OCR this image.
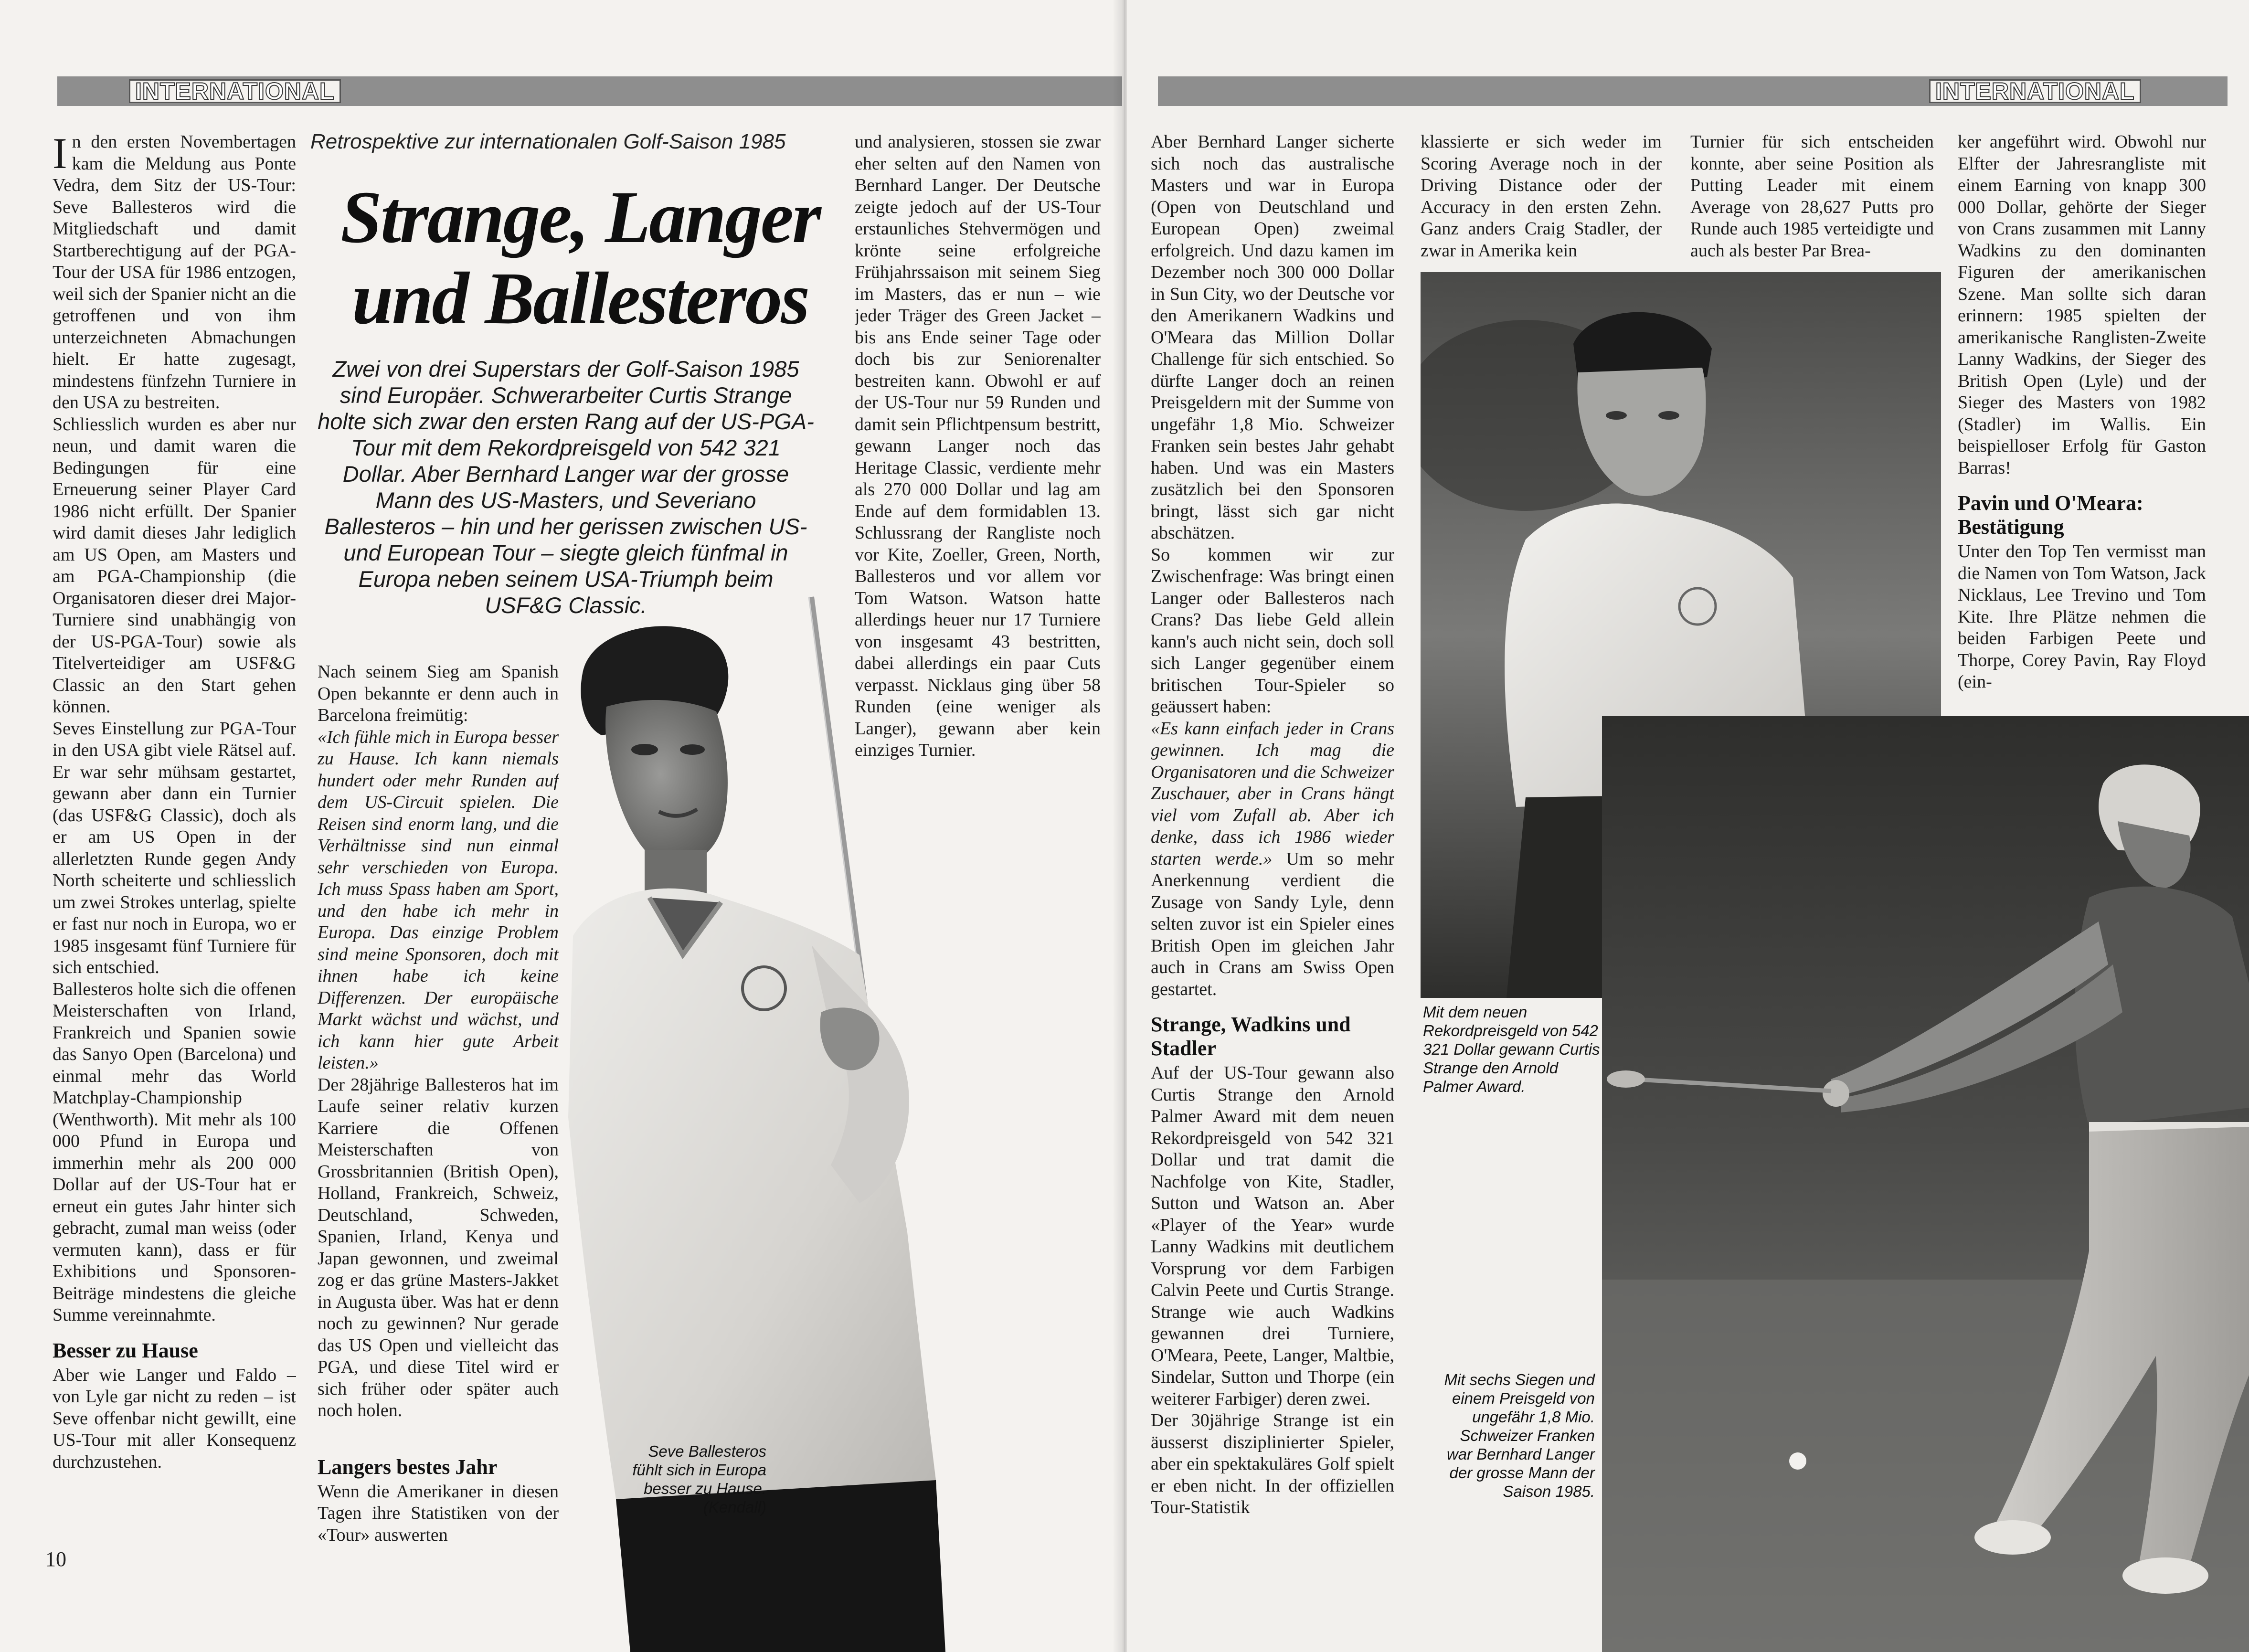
INTERNATIONAL
Retrospektive zur internationalen Golf-Saison 1985
Strange, Langer
und Ballesteros
Zwei von drei Superstars der Golf-Saison 1985 sind Europäer. Schwerarbeiter Curtis Strange holte sich zwar den ersten Rang auf der US-PGA-Tour mit dem Rekordpreisgeld von 542 321 Dollar. Aber Bernhard Langer war der grosse Mann des US-Masters, und Severiano Ballesteros – hin und her gerissen zwischen US- und European Tour – siegte gleich fünfmal in Europa neben seinem USA-Triumph beim USF&G Classic.

In den ersten Novembertagen kam die Meldung aus Ponte Vedra, dem Sitz der US-Tour: Seve Ballesteros wird die Mitgliedschaft und damit Startberechtigung auf der PGA-Tour der USA für 1986 entzogen, weil sich der Spanier nicht an die getroffenen und von ihm unterzeichneten Abmachungen hielt. Er hatte zugesagt, mindestens fünfzehn Turniere in den USA zu bestreiten.

Schliesslich wurden es aber nur neun, und damit waren die Bedingungen für eine Erneuerung seiner Player Card 1986 nicht erfüllt. Der Spanier wird damit dieses Jahr lediglich am US Open, am Masters und am PGA-Championship (die Organisatoren dieser drei Major-Turniere sind unabhängig von der US-PGA-Tour) sowie als Titelverteidiger am USF&G Classic an den Start gehen können.

Seves Einstellung zur PGA-Tour in den USA gibt viele Rätsel auf. Er war sehr mühsam gestartet, gewann aber dann ein Turnier (das USF&G Classic), doch als er am US Open in der allerletzten Runde gegen Andy North scheiterte und schliesslich um zwei Strokes unterlag, spielte er fast nur noch in Europa, wo er 1985 insgesamt fünf Turniere für sich entschied.

Ballesteros holte sich die offenen Meisterschaften von Irland, Frankreich und Spanien sowie das Sanyo Open (Barcelona) und einmal mehr das World Matchplay-Championship (Wenthworth). Mit mehr als 100 000 Pfund in Europa und immerhin mehr als 200 000 Dollar auf der US-Tour hat er erneut ein gutes Jahr hinter sich gebracht, zumal man weiss (oder vermuten kann), dass er für Exhibitions und Sponsoren-Beiträge mindestens die gleiche Summe vereinnahmte.

Besser zu Hause

Aber wie Langer und Faldo – von Lyle gar nicht zu reden – ist Seve offenbar nicht gewillt, eine US-Tour mit aller Konsequenz durchzustehen.

Nach seinem Sieg am Spanish Open bekannte er denn auch in Barcelona freimütig:

«Ich fühle mich in Europa besser zu Hause. Ich kann niemals hundert oder mehr Runden auf dem US-Circuit spielen. Die Reisen sind enorm lang, und die Verhältnisse sind nun einmal sehr verschieden von Europa. Ich muss Spass haben am Sport, und den habe ich mehr in Europa. Das einzige Problem sind meine Sponsoren, doch mit ihnen habe ich keine Differenzen. Der europäische Markt wächst und wächst, und ich kann hier gute Arbeit leisten.»

Der 28jährige Ballesteros hat im Laufe seiner relativ kurzen Karriere die Offenen Meisterschaften von Grossbritannien (British Open), Holland, Frankreich, Schweiz, Deutschland, Schweden, Spanien, Irland, Kenya und Japan gewonnen, und zweimal zog er das grüne Masters-Jakket in Augusta über. Was hat er denn noch zu gewinnen? Nur gerade das US Open und vielleicht das PGA, und diese Titel wird er sich früher oder später auch noch holen.

Langers bestes Jahr

Wenn die Amerikaner in diesen Tagen ihre Statistiken von der «Tour» auswerten

und analysieren, stossen sie zwar eher selten auf den Namen von Bernhard Langer. Der Deutsche zeigte jedoch auf der US-Tour erstaunliches Stehvermögen und krönte seine erfolgreiche Frühjahrssaison mit seinem Sieg im Masters, das er nun – wie jeder Träger des Green Jacket – bis ans Ende seiner Tage oder doch bis zur Seniorenalter bestreiten kann. Obwohl er auf der US-Tour nur 59 Runden und damit sein Pflichtpensum bestritt, gewann Langer noch das Heritage Classic, verdiente mehr als 270 000 Dollar und lag am Ende auf dem formidablen 13. Schlussrang der Rangliste noch vor Kite, Zoeller, Green, North, Ballesteros und vor allem vor Tom Watson. Watson hatte allerdings heuer nur 17 Turniere von insgesamt 43 bestritten, dabei allerdings ein paar Cuts verpasst. Nicklaus ging über 58 Runden (eine weniger als Langer), gewann aber kein einziges Turnier.

Seve Ballesteros fühlt sich in Europa besser zu Hause. (Kendall)
10
INTERNATIONAL

Aber Bernhard Langer sicherte sich noch das australische Masters und war in Europa (Open von Deutschland und European Open) zweimal erfolgreich. Und dazu kamen im Dezember noch 300 000 Dollar in Sun City, wo der Deutsche vor den Amerikanern Wadkins und O'Meara das Million Dollar Challenge für sich entschied. So dürfte Langer doch an reinen Preisgeldern mit der Summe von ungefähr 1,8 Mio. Schweizer Franken sein bestes Jahr gehabt haben. Und was ein Masters zusätzlich bei den Sponsoren bringt, lässt sich gar nicht abschätzen.

So kommen wir zur Zwischenfrage: Was bringt einen Langer oder Ballesteros nach Crans? Das liebe Geld allein kann's auch nicht sein, doch soll sich Langer gegenüber einem britischen Tour-Spieler so geäussert haben:

«Es kann einfach jeder in Crans gewinnen. Ich mag die Organisatoren und die Schweizer Zuschauer, aber in Crans hängt viel vom Zufall ab. Aber ich denke, dass ich 1986 wieder starten werde.» Um so mehr Anerkennung verdient die Zusage von Sandy Lyle, denn selten zuvor ist ein Spieler eines British Open im gleichen Jahr auch in Crans am Swiss Open gestartet.

Strange, Wadkins und Stadler

Auf der US-Tour gewann also Curtis Strange den Arnold Palmer Award mit dem neuen Rekordpreisgeld von 542 321 Dollar und trat damit die Nachfolge von Kite, Stadler, Sutton und Watson an. Aber «Player of the Year» wurde Lanny Wadkins mit deutlichem Vorsprung vor dem Farbigen Calvin Peete und Curtis Strange. Strange wie auch Wadkins gewannen drei Turniere, O'Meara, Peete, Langer, Maltbie, Sindelar, Sutton und Thorpe (ein weiterer Farbiger) deren zwei.

Der 30jährige Strange ist ein äusserst disziplinierter Spieler, aber ein spektakuläres Golf spielt er eben nicht. In der offiziellen Tour-Statistik

klassierte er sich weder im Scoring Average noch in der Driving Distance oder der Accuracy in den ersten Zehn. Ganz anders Craig Stadler, der zwar in Amerika kein

Turnier für sich entscheiden konnte, aber seine Position als Putting Leader mit einem Average von 28,627 Putts pro Runde auch 1985 verteidigte und auch als bester Par Brea-

ker angeführt wird. Obwohl nur Elfter der Jahresrangliste mit einem Earning von knapp 300 000 Dollar, gehörte der Sieger von Crans zusammen mit Lanny Wadkins zu den dominanten Figuren der amerikanischen Szene. Man sollte sich daran erinnern: 1985 spielten der amerikanische Ranglisten-Zweite Lanny Wadkins, der Sieger des British Open (Lyle) und der Sieger des Masters von 1982 (Stadler) im Wallis. Ein beispielloser Erfolg für Gaston Barras!

Pavin und O'Meara: Bestätigung

Unter den Top Ten vermisst man die Namen von Tom Watson, Jack Nicklaus, Lee Trevino und Tom Kite. Ihre Plätze nehmen die beiden Farbigen Peete und Thorpe, Corey Pavin, Ray Floyd (ein-

Mit dem neuen Rekordpreisgeld von 542 321 Dollar gewann Curtis Strange den Arnold Palmer Award.
Mit sechs Siegen und einem Preisgeld von ungefähr 1,8 Mio. Schweizer Franken war Bernhard Langer der grosse Mann der Saison 1985.
